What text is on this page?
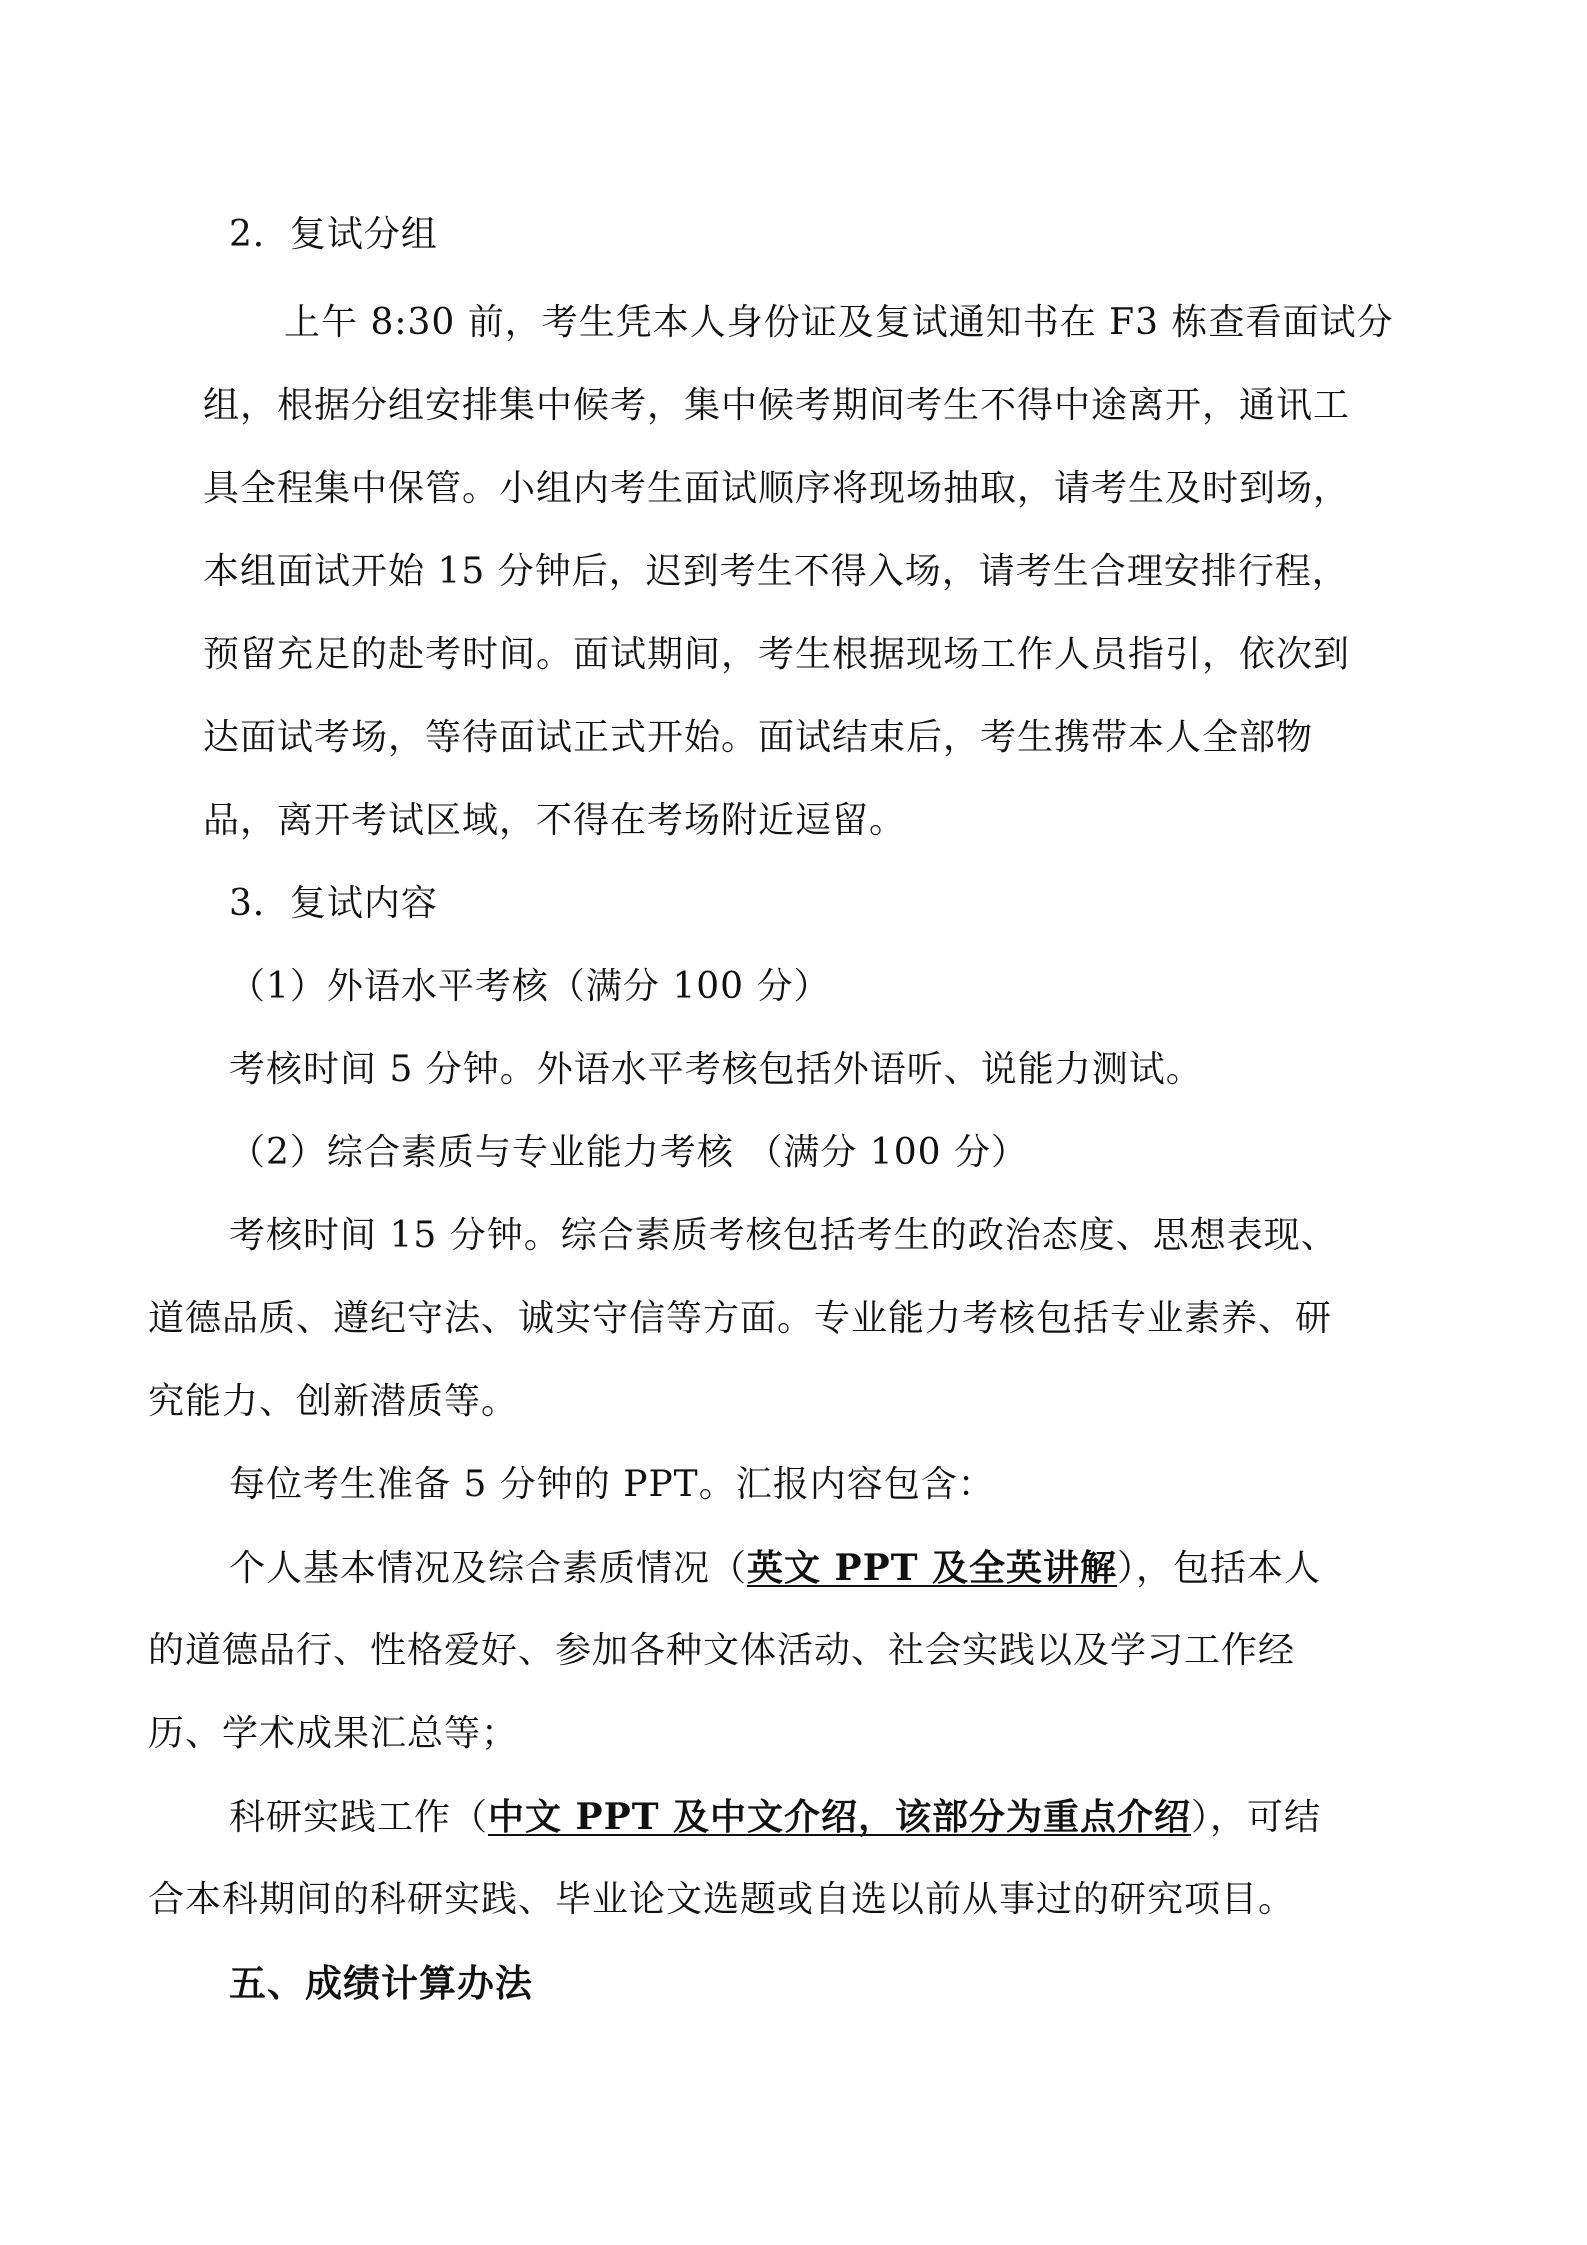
2．复试分组
上午 8:30 前，考生凭本人身份证及复试通知书在 F3 栋查看面试分
组，根据分组安排集中候考，集中候考期间考生不得中途离开，通讯工
具全程集中保管。小组内考生面试顺序将现场抽取，请考生及时到场，
本组面试开始 15 分钟后，迟到考生不得入场，请考生合理安排行程，
预留充足的赴考时间。面试期间，考生根据现场工作人员指引，依次到
达面试考场，等待面试正式开始。面试结束后，考生携带本人全部物
品，离开考试区域，不得在考场附近逗留。
3．复试内容
（1）外语水平考核（满分 100 分）
考核时间 5 分钟。外语水平考核包括外语听、说能力测试。
（2）综合素质与专业能力考核 （满分 100 分）
考核时间 15 分钟。综合素质考核包括考生的政治态度、思想表现、
道德品质、遵纪守法、诚实守信等方面。专业能力考核包括专业素养、研
究能力、创新潜质等。
每位考生准备 5 分钟的 PPT。汇报内容包含：
个人基本情况及综合素质情况（英文 PPT 及全英讲解），包括本人
的道德品行、性格爱好、参加各种文体活动、社会实践以及学习工作经
历、学术成果汇总等；
科研实践工作（中文 PPT 及中文介绍，该部分为重点介绍），可结
合本科期间的科研实践、毕业论文选题或自选以前从事过的研究项目。
五、成绩计算办法
